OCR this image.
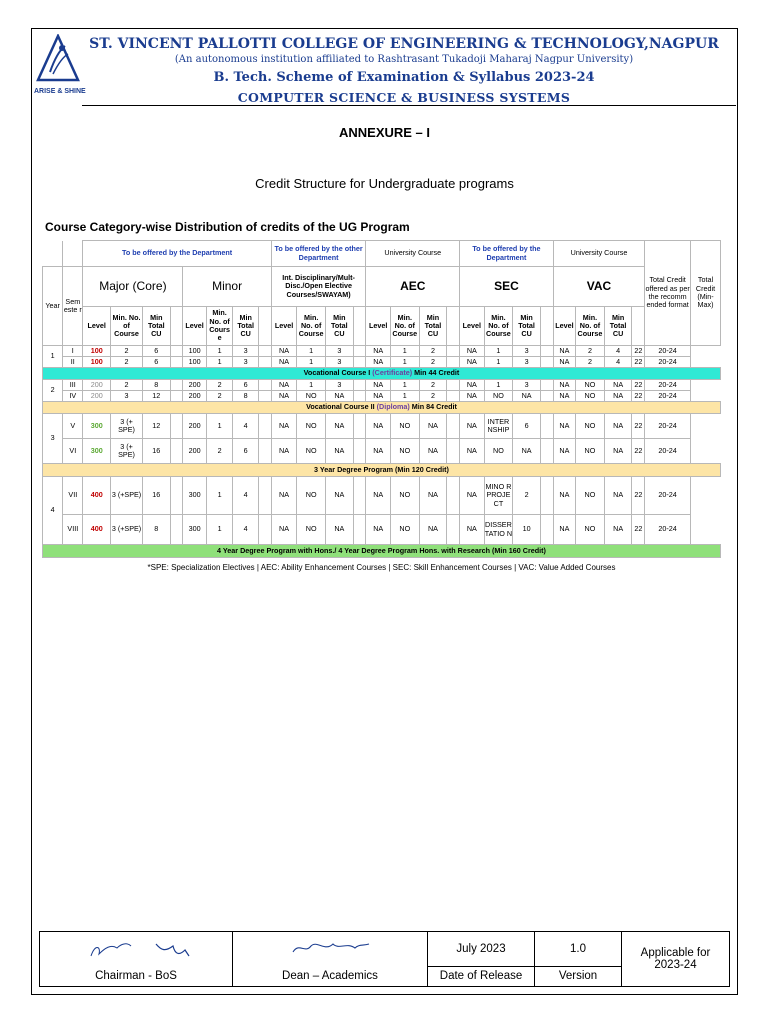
ARISE & SHINE
ST. VINCENT PALLOTTI COLLEGE OF ENGINEERING & TECHNOLOGY,NAGPUR
(An autonomous institution affiliated to Rashtrasant Tukadoji Maharaj Nagpur University)
B. Tech. Scheme of Examination & Syllabus 2023-24
COMPUTER SCIENCE & BUSINESS SYSTEMS
ANNEXURE – I
Credit Structure for Undergraduate programs
Course Category-wise Distribution of credits of the UG Program
		To be offered by the Department								To be offered by the other Department				University Course				To be offered by the Department				University Course				Total Credit offered as per the recomm ended format	Total Credit (Min-Max)
Year	Sem este r	Major (Core)				Minor				Int. Disciplinary/Mult-Disc./Open Elective Courses/SWAYAM)				AEC				SEC				VAC					
		Level	Min. No. of Course	Min Total CU		Level	Min. No. of Cours e	Min Total CU		Level	Min. No. of Course	Min Total CU		Level	Min. No. of Course	Min Total CU		Level	Min. No. of Course	Min Total CU		Level	Min. No. of Course	Min Total CU			

1	I	100	2	6		100	1	3		NA	1	3		NA	1	2		NA	1	3		NA	2	4	22	20-24	
	II	100	2	6		100	1	3		NA	1	3		NA	1	2		NA	1	3		NA	2	4	22	20-24	
Vocational Course I (Certificate) Min 44 Credit																											
2	III	200	2	8		200	2	6		NA	1	3		NA	1	2		NA	1	3		NA	NO	NA	22	20-24	
	IV	200	3	12		200	2	8		NA	NO	NA		NA	1	2		NA	NO	NA		NA	NO	NA	22	20-24	
Vocational Course II (Diploma) Min 84 Credit																											
3	V	300	3 (+ SPE)	12		200	1	4		NA	NO	NA		NA	NO	NA		NA	INTER NSHIP	6		NA	NO	NA	22	20-24	
	VI	300	3 (+ SPE)	16		200	2	6		NA	NO	NA		NA	NO	NA		NA	NO	NA		NA	NO	NA	22	20-24	
3 Year Degree Program (Min 120 Credit)																											
4	VII	400	3 (+SPE)	16		300	1	4		NA	NO	NA		NA	NO	NA		NA	MINO R PROJE CT	2		NA	NO	NA	22	20-24	
	VIII	400	3 (+SPE)	8		300	1	4		NA	NO	NA		NA	NO	NA		NA	DISSER TATIO N	10		NA	NO	NA	22	20-24	
4 Year Degree Program with Hons./ 4 Year Degree Program Hons. with Research (Min 160 Credit)																											
*SPE: Specialization Electives | AEC: Ability Enhancement Courses | SEC: Skill Enhancement Courses | VAC: Value Added Courses

	July 2023	1.0	Applicable for 2023-24
Chairman - BoS	Dean – Academics	Date of Release	Version	
